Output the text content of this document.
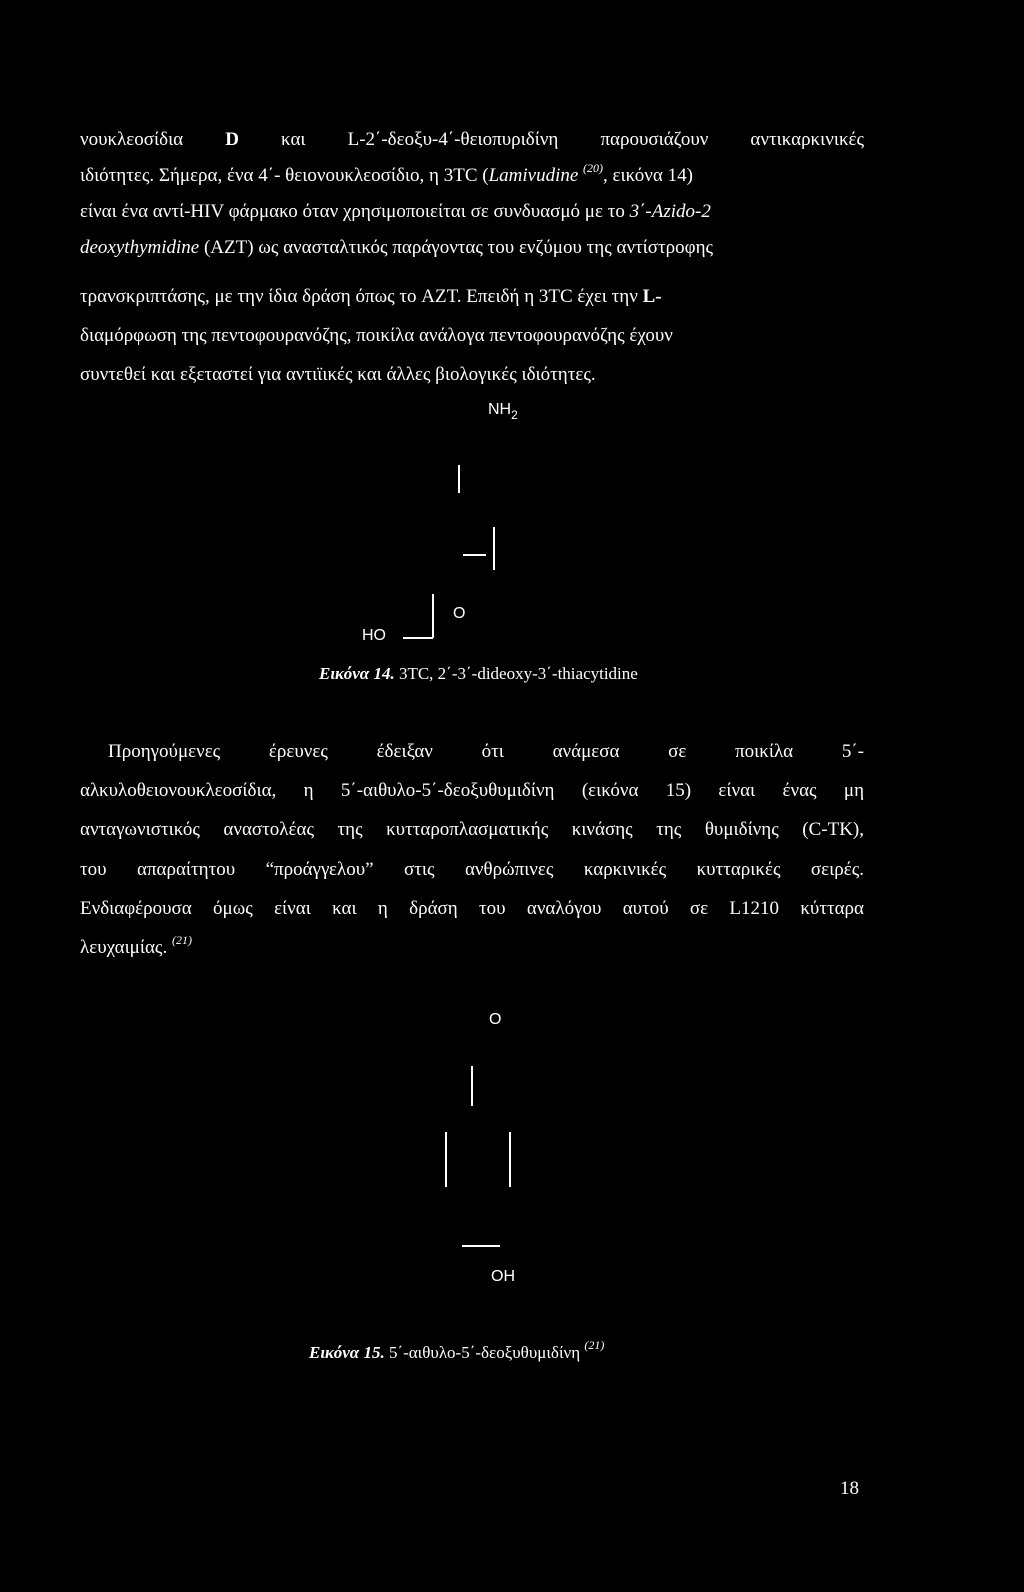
νουκλεοσίδια D και L-2΄-δεοξυ-4΄-θειοπυριδίνη παρουσιάζουν αντικαρκινικές
ιδιότητες. Σήμερα, ένα 4΄- θειονουκλεοσίδιο, η 3TC (Lamivudine $^{(20)}$, εικόνα 14)
είναι ένα αντί-HIV φάρμακο όταν χρησιμοποιείται σε συνδυασμό με το 3΄-Azido-2
deoxythymidine (AZT) ως ανασταλτικός παράγοντας του ενζύμου της αντίστροφης
τρανσκριπτάσης, με την ίδια δράση όπως το AZT. Επειδή η 3TC έχει την L-
διαμόρφωση της πεντοφουρανόζης, ποικίλα ανάλογα πεντοφουρανόζης έχουν
συντεθεί και εξεταστεί για αντιϊικές και άλλες βιολογικές ιδιότητες.
$NH_2$
O
HO
Εικόνα 14. 3TC, 2΄-3΄-dideoxy-3΄-thiacytidine
Προηγούμενες έρευνες έδειξαν ότι ανάμεσα σε ποικίλα 5΄-
αλκυλοθειονουκλεοσίδια, η 5΄-αιθυλο-5΄-δεοξυθυμιδίνη (εικόνα 15) είναι ένας μη
ανταγωνιστικός αναστολέας της κυτταροπλασματικής κινάσης της θυμιδίνης (C-TK),
του απαραίτητου “προάγγελου” στις ανθρώπινες καρκινικές κυτταρικές σειρές.
Ενδιαφέρουσα όμως είναι και η δράση του αναλόγου αυτού σε L1210 κύτταρα
λευχαιμίας. $^{(21)}$
O
OH
Εικόνα 15. 5΄-αιθυλο-5΄-δεοξυθυμιδίνη $^{(21)}$
18
